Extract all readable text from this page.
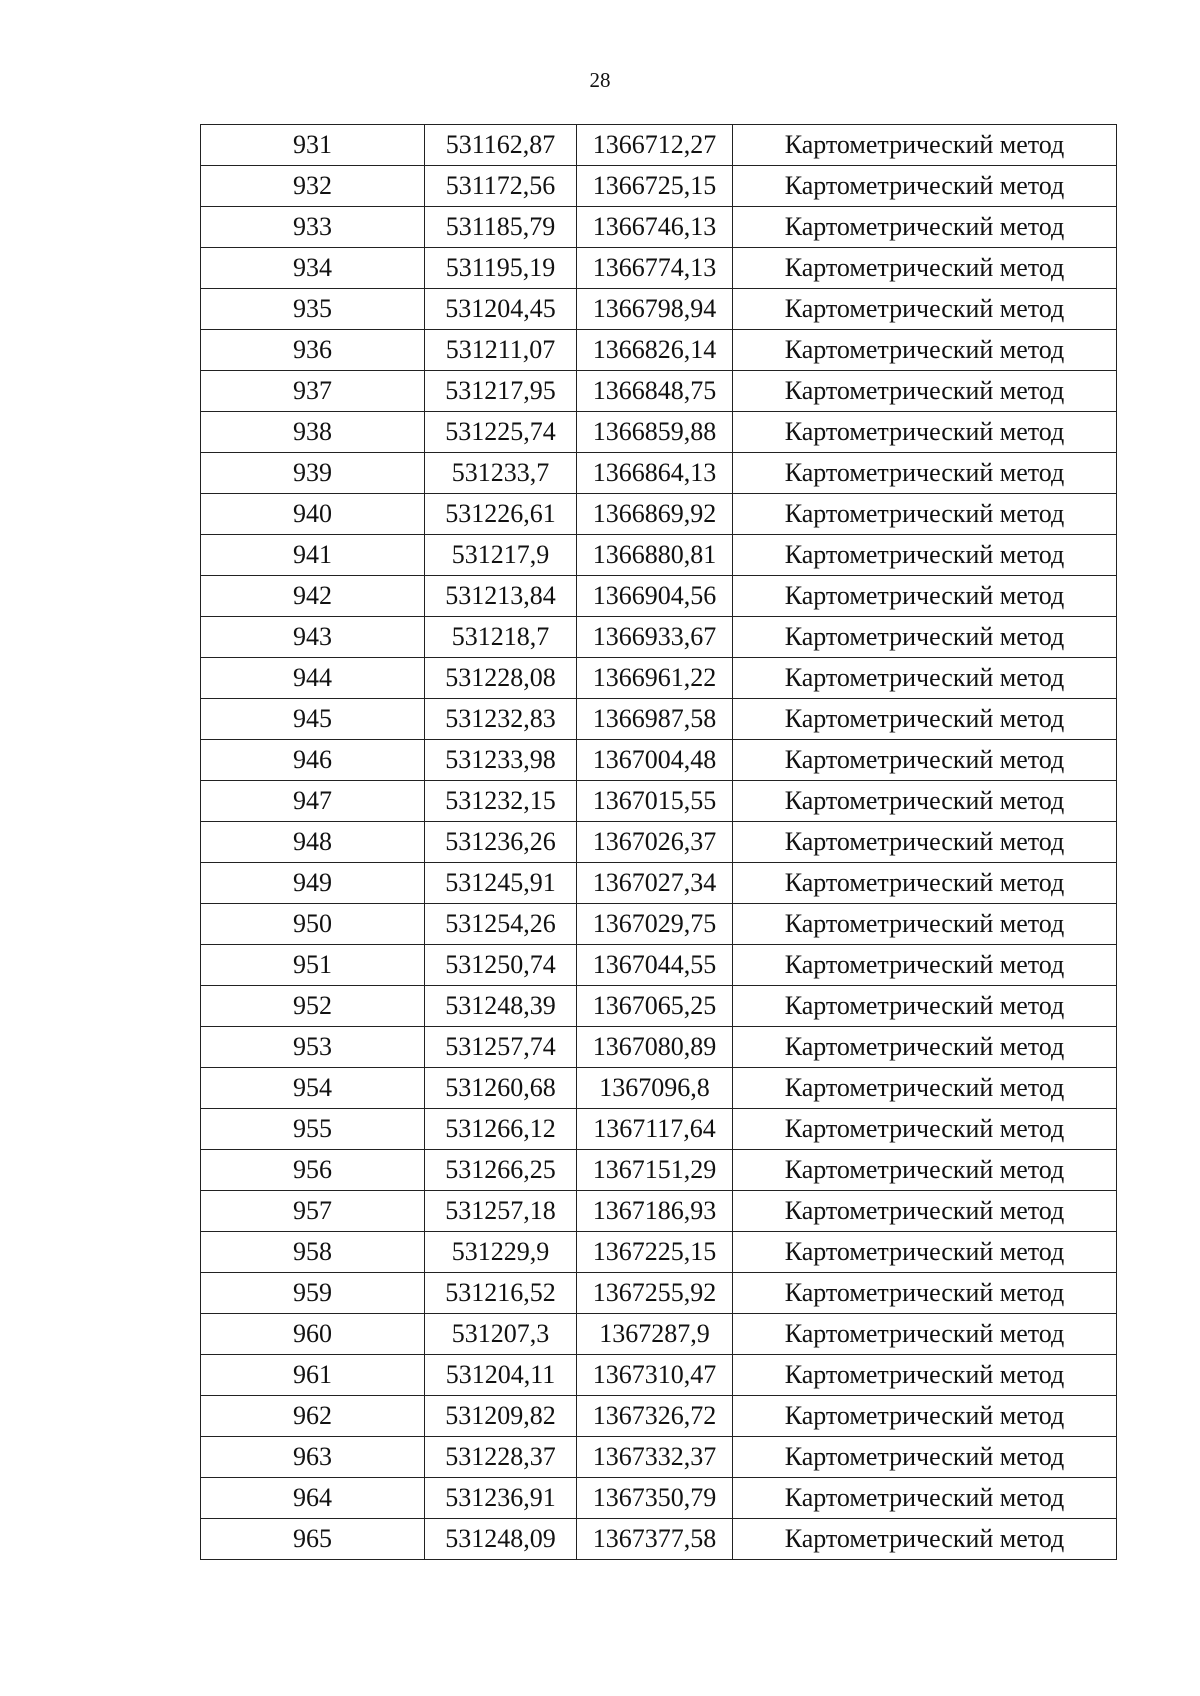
28
931	531162,87	1366712,27	Картометрический метод
932	531172,56	1366725,15	Картометрический метод
933	531185,79	1366746,13	Картометрический метод
934	531195,19	1366774,13	Картометрический метод
935	531204,45	1366798,94	Картометрический метод
936	531211,07	1366826,14	Картометрический метод
937	531217,95	1366848,75	Картометрический метод
938	531225,74	1366859,88	Картометрический метод
939	531233,7	1366864,13	Картометрический метод
940	531226,61	1366869,92	Картометрический метод
941	531217,9	1366880,81	Картометрический метод
942	531213,84	1366904,56	Картометрический метод
943	531218,7	1366933,67	Картометрический метод
944	531228,08	1366961,22	Картометрический метод
945	531232,83	1366987,58	Картометрический метод
946	531233,98	1367004,48	Картометрический метод
947	531232,15	1367015,55	Картометрический метод
948	531236,26	1367026,37	Картометрический метод
949	531245,91	1367027,34	Картометрический метод
950	531254,26	1367029,75	Картометрический метод
951	531250,74	1367044,55	Картометрический метод
952	531248,39	1367065,25	Картометрический метод
953	531257,74	1367080,89	Картометрический метод
954	531260,68	1367096,8	Картометрический метод
955	531266,12	1367117,64	Картометрический метод
956	531266,25	1367151,29	Картометрический метод
957	531257,18	1367186,93	Картометрический метод
958	531229,9	1367225,15	Картометрический метод
959	531216,52	1367255,92	Картометрический метод
960	531207,3	1367287,9	Картометрический метод
961	531204,11	1367310,47	Картометрический метод
962	531209,82	1367326,72	Картометрический метод
963	531228,37	1367332,37	Картометрический метод
964	531236,91	1367350,79	Картометрический метод
965	531248,09	1367377,58	Картометрический метод
